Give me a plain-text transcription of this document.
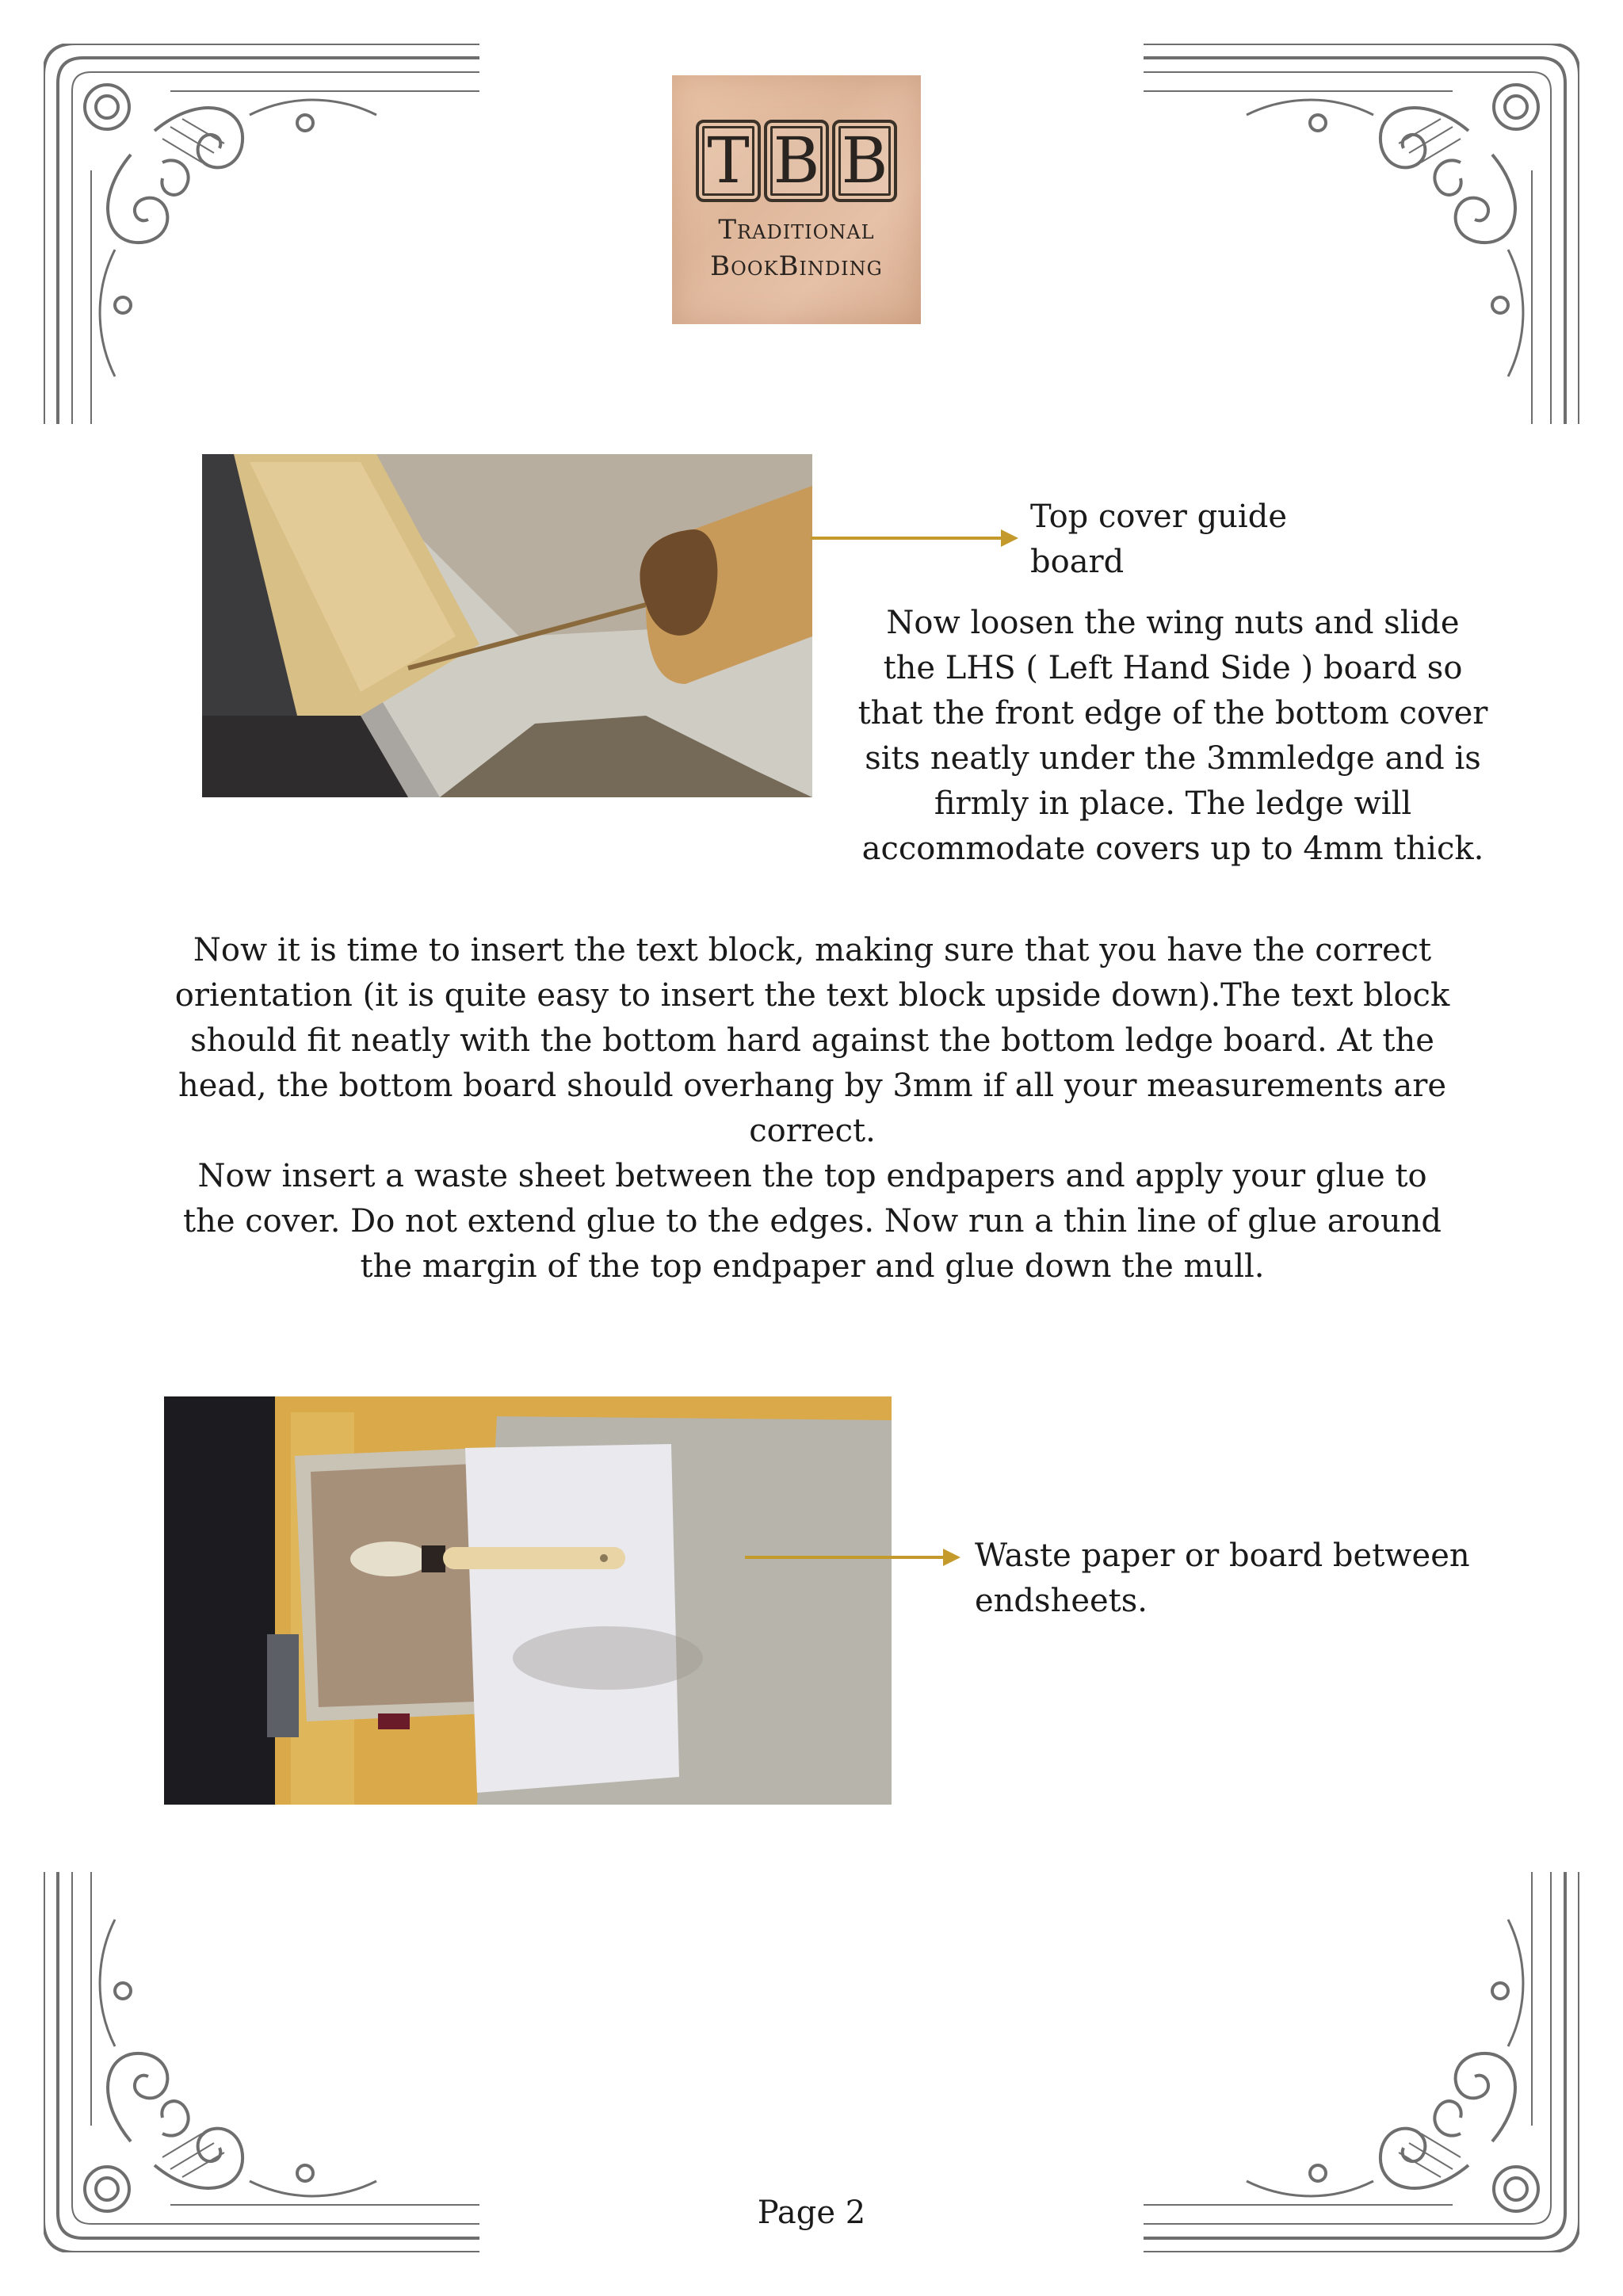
T B B
Traditional
BookBinding
Top cover guide board
Now loosen the wing nuts and slide the LHS ( Left Hand Side ) board so that the front edge of the bottom cover sits neatly under the 3mmledge and is firmly in place. The ledge will accommodate covers up to 4mm thick.
Now it is time to insert the text block, making sure that you have the correct orientation (it is quite easy to insert the text block upside down).The text block should fit neatly with the bottom hard against the bottom ledge board. At the head, the bottom board should overhang by 3mm if all your measurements are correct.
Now insert a waste sheet between the top endpapers and apply your glue to the cover. Do not extend glue to the edges. Now run a thin line of glue around the margin of the top endpaper and glue down the mull.
Waste paper or board between endsheets.
Page 2
